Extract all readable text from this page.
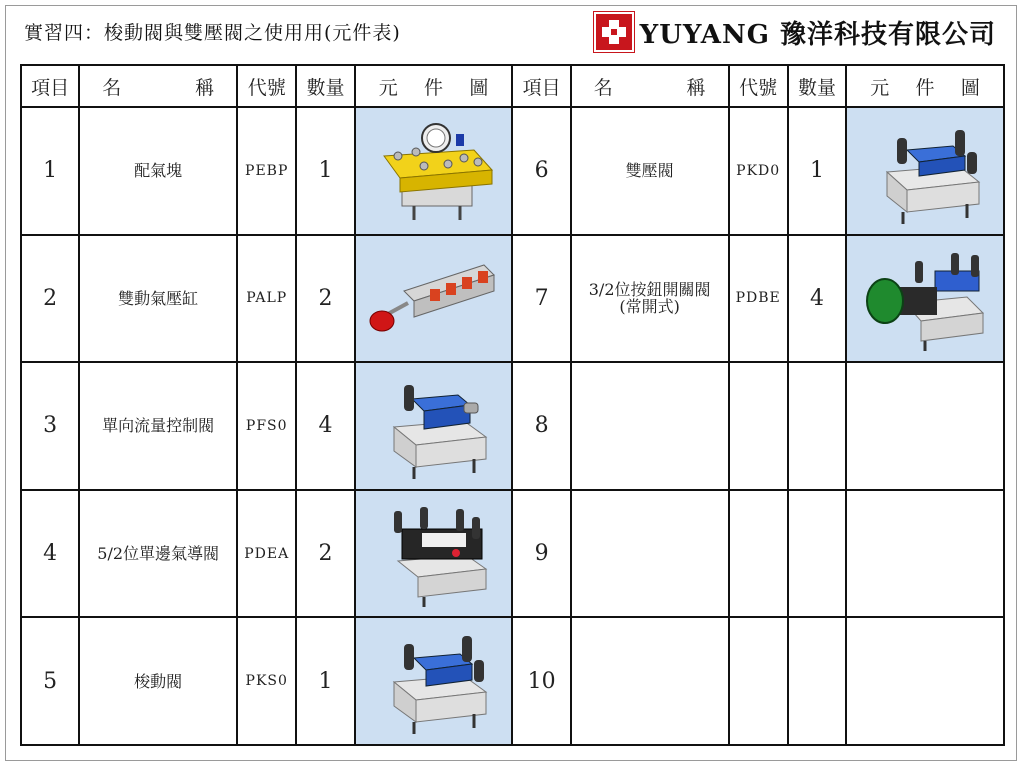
實習四：梭動閥與雙壓閥之使用用(元件表)	YUYANG 豫洋科技有限公司
項目	名 稱	代號	數量	元 件 圖	項目	名 稱	代號	數量	元 件 圖

1	配氣塊	PEBP	1		6	雙壓閥	PKD0	1	

2	雙動氣壓缸	PALP	2		7	3/2位按鈕開關閥
(常開式)	PDBE	4	

3	單向流量控制閥	PFS0	4		8				
4	5/2位單邊氣導閥	PDEA	2		9				
5	梭動閥	PKS0	1		10				
